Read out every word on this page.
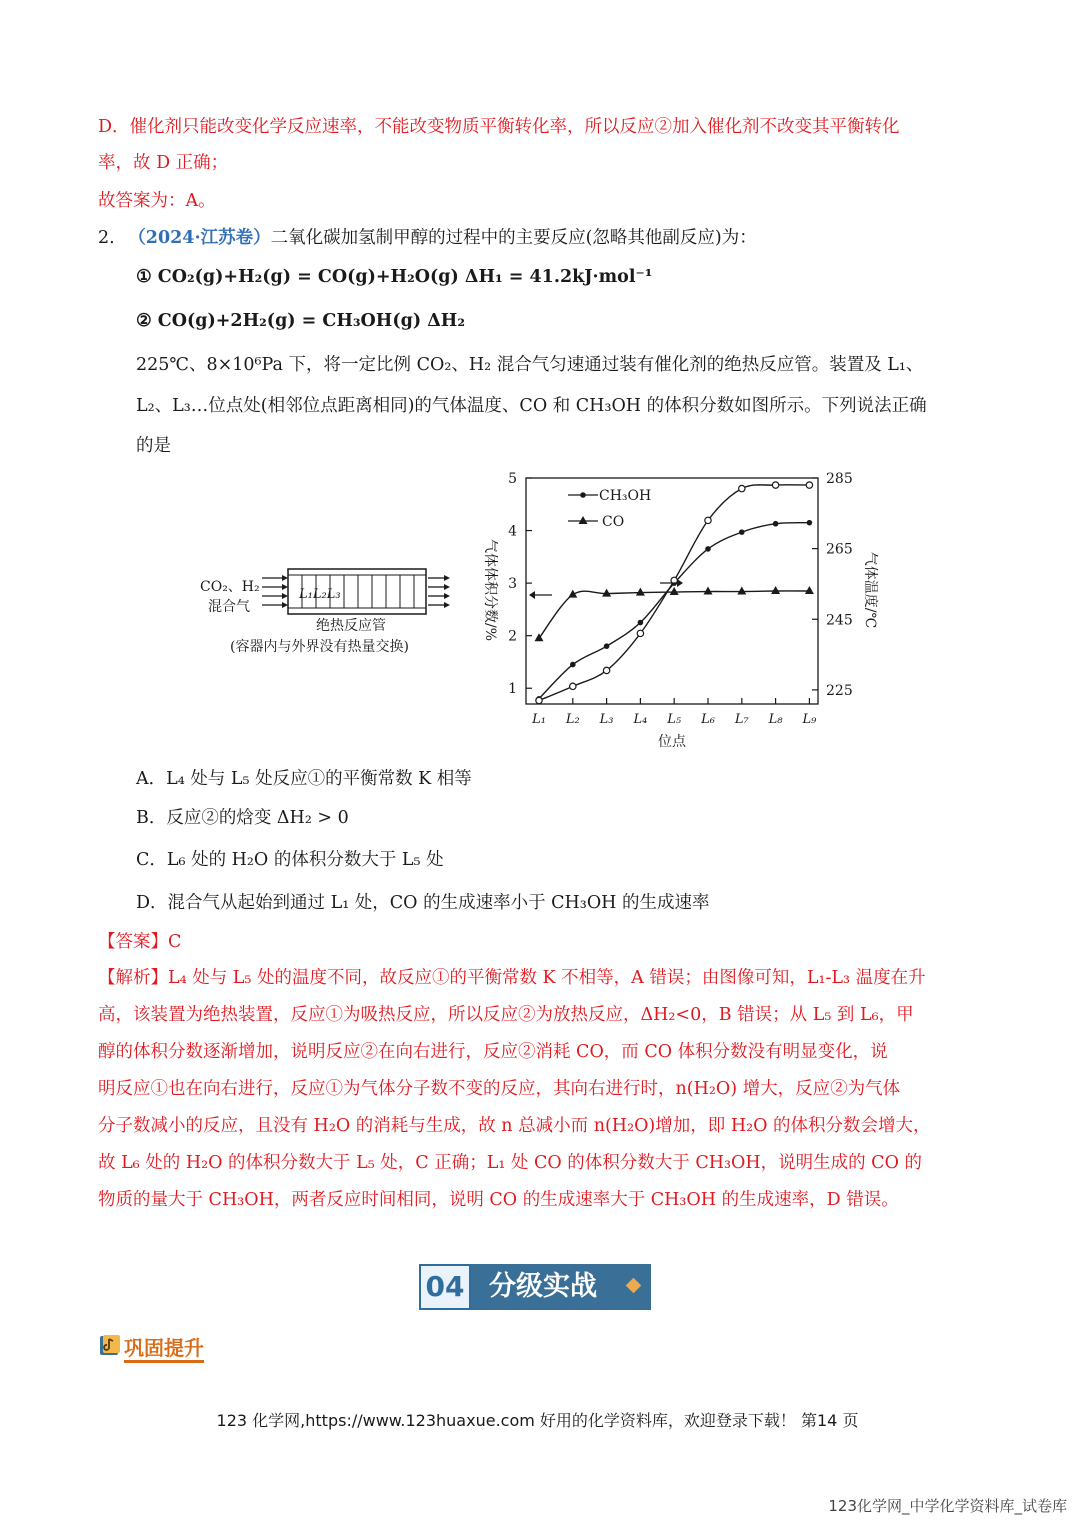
D．催化剂只能改变化学反应速率，不能改变物质平衡转化率，所以反应②加入催化剂不改变其平衡转化
率，故 D 正确；
故答案为：A。
2. （2024·江苏卷）二氧化碳加氢制甲醇的过程中的主要反应(忽略其他副反应)为：
① CO₂(g)+H₂(g) = CO(g)+H₂O(g) ΔH₁ = 41.2kJ·mol⁻¹
② CO(g)+2H₂(g) = CH₃OH(g) ΔH₂
225℃、8×10⁶Pa 下，将一定比例 CO₂、H₂ 混合气匀速通过装有催化剂的绝热反应管。装置及 L₁、
L₂、L₃…位点处(相邻位点距离相同)的气体温度、CO 和 CH₃OH 的体积分数如图所示。下列说法正确
的是
CO₂、H₂
混合气
L₁L₂L₃
绝热反应管
(容器内与外界没有热量交换)
1
2
3
4
5
225
245
265
285
L₁ L₂ L₃ L₄ L₅ L₆ L₇ L₈ L₉
气体体积分数/%	气体温度/℃
位点
CH₃OH
CO
A．L₄ 处与 L₅ 处反应①的平衡常数 K 相等
B．反应②的焓变 ΔH₂ > 0
C．L₆ 处的 H₂O 的体积分数大于 L₅ 处
D．混合气从起始到通过 L₁ 处，CO 的生成速率小于 CH₃OH 的生成速率
【答案】C
【解析】L₄ 处与 L₅ 处的温度不同，故反应①的平衡常数 K 不相等，A 错误；由图像可知，L₁-L₃ 温度在升
高，该装置为绝热装置，反应①为吸热反应，所以反应②为放热反应，ΔH₂<0，B 错误；从 L₅ 到 L₆，甲
醇的体积分数逐渐增加，说明反应②在向右进行，反应②消耗 CO，而 CO 体积分数没有明显变化，说
明反应①也在向右进行，反应①为气体分子数不变的反应，其向右进行时，n(H₂O) 增大，反应②为气体
分子数减小的反应，且没有 H₂O 的消耗与生成，故 n 总减小而 n(H₂O)增加，即 H₂O 的体积分数会增大，
故 L₆ 处的 H₂O 的体积分数大于 L₅ 处，C 正确；L₁ 处 CO 的体积分数大于 CH₃OH，说明生成的 CO 的
物质的量大于 CH₃OH，两者反应时间相同，说明 CO 的生成速率大于 CH₃OH 的生成速率，D 错误。
04 分级实战
巩固提升
123 化学网,https://www.123huaxue.com 好用的化学资料库，欢迎登录下载！ 第14 页
123化学网_中学化学资料库_试卷库
